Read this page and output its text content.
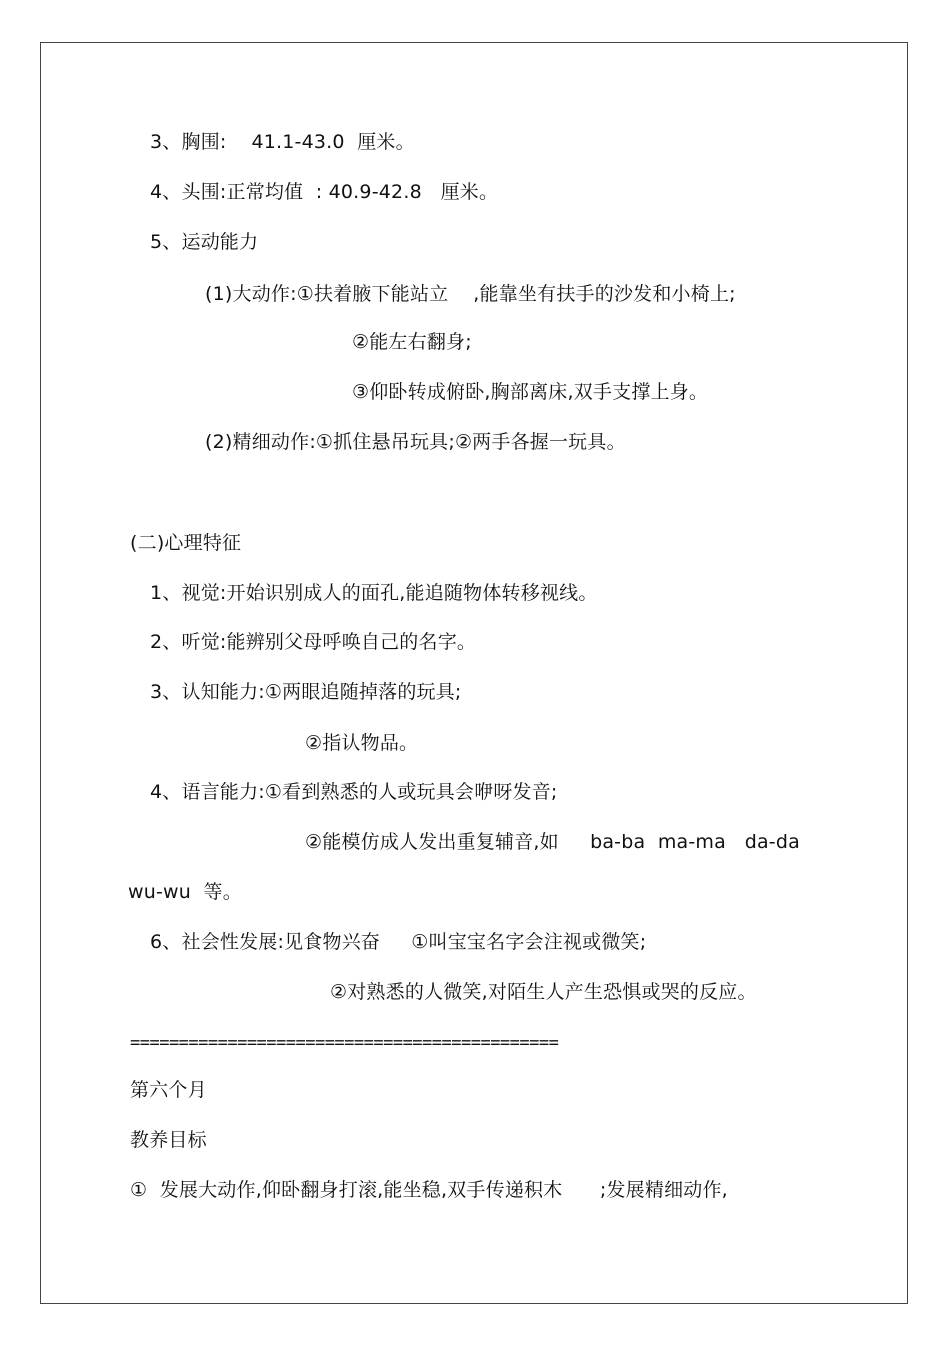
3、胸围:    41.1-43.0  厘米。
4、头围:正常均值  : 40.9-42.8   厘米。
5、运动能力
(1)大动作:①扶着腋下能站立    ,能靠坐有扶手的沙发和小椅上;
②能左右翻身;
③仰卧转成俯卧,胸部离床,双手支撑上身。
(2)精细动作:①抓住悬吊玩具;②两手各握一玩具。
(二)心理特征
1、视觉:开始识别成人的面孔,能追随物体转移视线。
2、听觉:能辨别父母呼唤自己的名字。
3、认知能力:①两眼追随掉落的玩具;
②指认物品。
4、语言能力:①看到熟悉的人或玩具会咿呀发音;
②能模仿成人发出重复辅音,如     ba-ba  ma-ma   da-da
wu-wu  等。
6、社会性发展:见食物兴奋     ①叫宝宝名字会注视或微笑;
②对熟悉的人微笑,对陌生人产生恐惧或哭的反应。
============================================
第六个月
教养目标
①  发展大动作,仰卧翻身打滚,能坐稳,双手传递积木      ;发展精细动作,
